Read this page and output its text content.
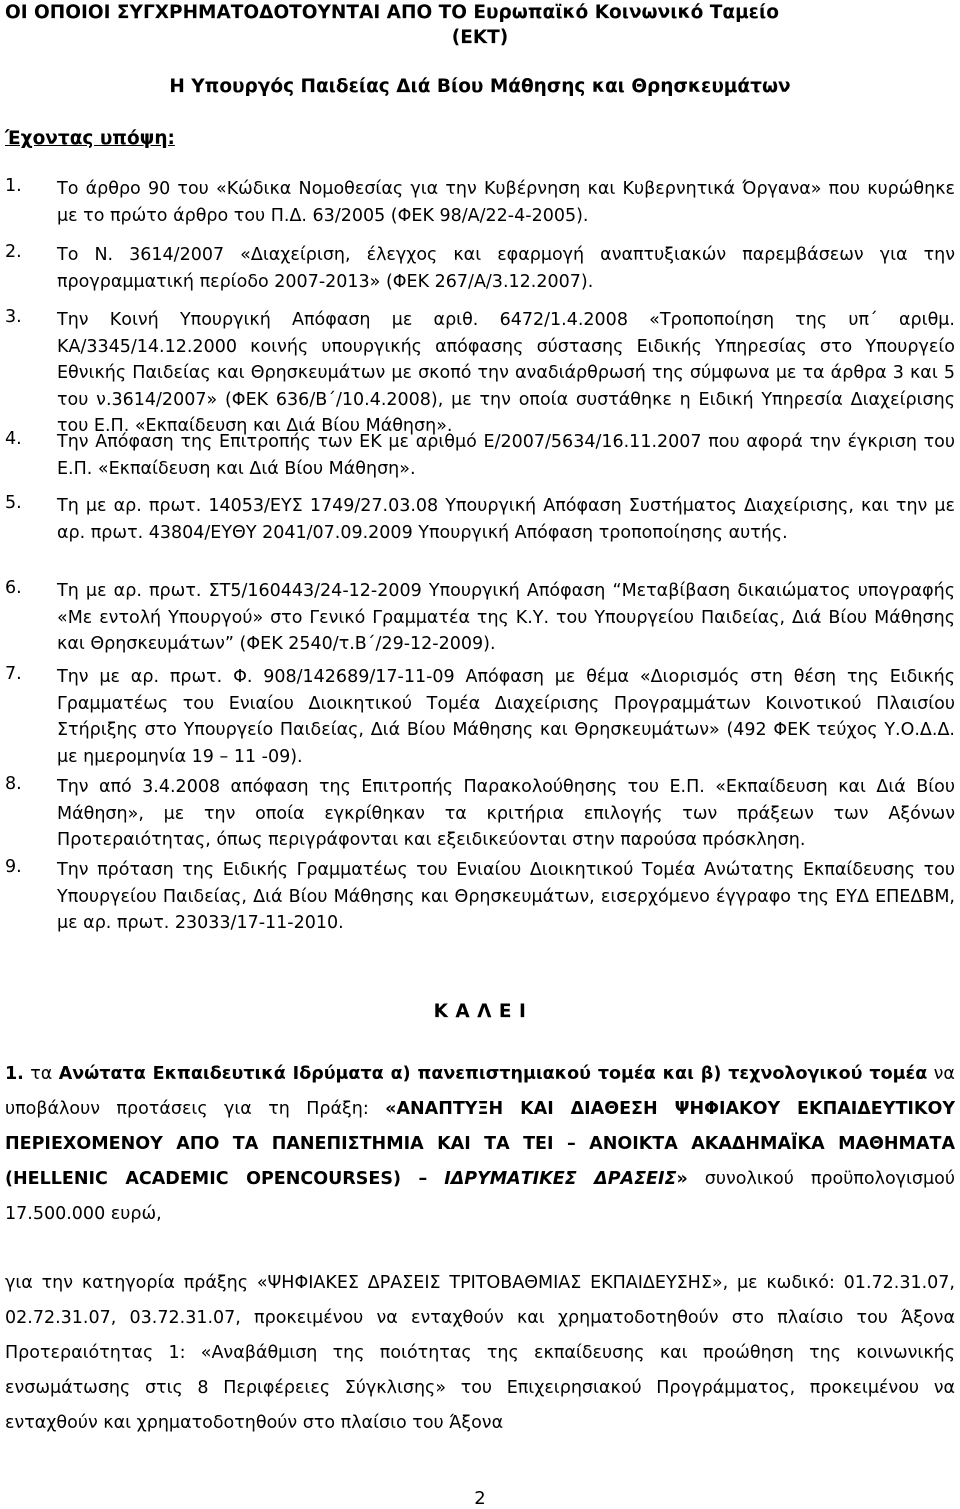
ΟΙ ΟΠΟΙΟΙ ΣΥΓΧΡΗΜΑΤΟΔΟΤΟΥΝΤΑΙ ΑΠΟ ΤΟ Ευρωπαϊκό Κοινωνικό Ταμείο
(ΕΚΤ)
Η Υπουργός Παιδείας Διά Βίου Μάθησης και Θρησκευμάτων
Έχοντας υπόψη:
1.	Το άρθρο 90 του «Κώδικα Νομοθεσίας για την Κυβέρνηση και Κυβερνητικά Όργανα» που κυρώθηκε με το πρώτο άρθρο του Π.Δ. 63/2005 (ΦΕΚ 98/Α/22-4-2005).
2.	Το Ν. 3614/2007 «Διαχείριση, έλεγχος και εφαρμογή αναπτυξιακών παρεμβάσεων για την προγραμματική περίοδο 2007-2013» (ΦΕΚ 267/Α/3.12.2007).
3.	Την Κοινή Υπουργική Απόφαση με αριθ. 6472/1.4.2008 «Τροποποίηση της υπ΄ αριθμ. ΚΑ/3345/14.12.2000 κοινής υπουργικής απόφασης σύστασης Ειδικής Υπηρεσίας στο Υπουργείο Εθνικής Παιδείας και Θρησκευμάτων με σκοπό την αναδιάρθρωσή της σύμφωνα με τα άρθρα 3 και 5 του ν.3614/2007» (ΦΕΚ 636/Β΄/10.4.2008), με την οποία συστάθηκε η Ειδική Υπηρεσία Διαχείρισης του Ε.Π. «Εκπαίδευση και Διά Βίου Μάθηση».
4.	Την Απόφαση της Επιτροπής των ΕΚ με αριθμό Ε/2007/5634/16.11.2007 που αφορά την έγκριση του Ε.Π. «Εκπαίδευση και Διά Βίου Μάθηση».
5.	Τη με αρ. πρωτ. 14053/ΕΥΣ 1749/27.03.08 Υπουργική Απόφαση Συστήματος Διαχείρισης, και την με αρ. πρωτ. 43804/ΕΥΘΥ 2041/07.09.2009 Υπουργική Απόφαση τροποποίησης αυτής.
6.	Τη με αρ. πρωτ. ΣΤ5/160443/24-12-2009 Υπουργική Απόφαση “Μεταβίβαση δικαιώματος υπογραφής «Με εντολή Υπουργού» στο Γενικό Γραμματέα της Κ.Υ. του Υπουργείου Παιδείας, Διά Βίου Μάθησης και Θρησκευμάτων” (ΦΕΚ 2540/τ.Β΄/29-12-2009).
7.	Την με αρ. πρωτ. Φ. 908/142689/17-11-09 Απόφαση με θέμα «Διορισμός στη θέση της Ειδικής Γραμματέως του Ενιαίου Διοικητικού Τομέα Διαχείρισης Προγραμμάτων Κοινοτικού Πλαισίου Στήριξης στο Υπουργείο Παιδείας, Διά Βίου Μάθησης και Θρησκευμάτων» (492 ΦΕΚ τεύχος Υ.Ο.Δ.Δ. με ημερομηνία 19 – 11 -09).
8.	Την από 3.4.2008 απόφαση της Επιτροπής Παρακολούθησης του Ε.Π. «Εκπαίδευση και Διά Βίου Μάθηση», με την οποία εγκρίθηκαν τα κριτήρια επιλογής των πράξεων των Αξόνων Προτεραιότητας, όπως περιγράφονται και εξειδικεύονται στην παρούσα πρόσκληση.
9.	Την πρόταση της Ειδικής Γραμματέως του Ενιαίου Διοικητικού Τομέα Ανώτατης Εκπαίδευσης του Υπουργείου Παιδείας, Διά Βίου Μάθησης και Θρησκευμάτων, εισερχόμενο έγγραφο της ΕΥΔ ΕΠΕΔΒΜ, με αρ. πρωτ. 23033/17-11-2010.
Κ Α Λ Ε Ι
1. τα Ανώτατα Εκπαιδευτικά Ιδρύματα α) πανεπιστημιακού τομέα και β) τεχνολογικού τομέα να υποβάλουν προτάσεις για τη Πράξη: «ΑΝΑΠΤΥΞΗ ΚΑΙ ΔΙΑΘΕΣΗ ΨΗΦΙΑΚΟΥ ΕΚΠΑΙΔΕΥΤΙΚΟΥ ΠΕΡΙΕΧΟΜΕΝΟΥ ΑΠΟ ΤΑ ΠΑΝΕΠΙΣΤΗΜΙΑ ΚΑΙ ΤΑ ΤΕΙ – ΑΝΟΙΚΤΑ ΑΚΑΔΗΜΑΪΚΑ ΜΑΘΗΜΑΤΑ (HELLENIC ACADEMIC OPENCOURSES) – ΙΔΡΥΜΑΤΙΚΕΣ ΔΡΑΣΕΙΣ» συνολικού προϋπολογισμού 17.500.000 ευρώ,
για την κατηγορία πράξης «ΨΗΦΙΑΚΕΣ ΔΡΑΣΕΙΣ ΤΡΙΤΟΒΑΘΜΙΑΣ ΕΚΠΑΙΔΕΥΣΗΣ», με κωδικό: 01.72.31.07, 02.72.31.07, 03.72.31.07, προκειμένου να ενταχθούν και χρηματοδοτηθούν στο πλαίσιο του Άξονα Προτεραιότητας 1: «Αναβάθμιση της ποιότητας της εκπαίδευσης και προώθηση της κοινωνικής ενσωμάτωσης στις 8 Περιφέρειες Σύγκλισης» του Επιχειρησιακού Προγράμματος, προκειμένου να ενταχθούν και χρηματοδοτηθούν στο πλαίσιο του Άξονα
2
